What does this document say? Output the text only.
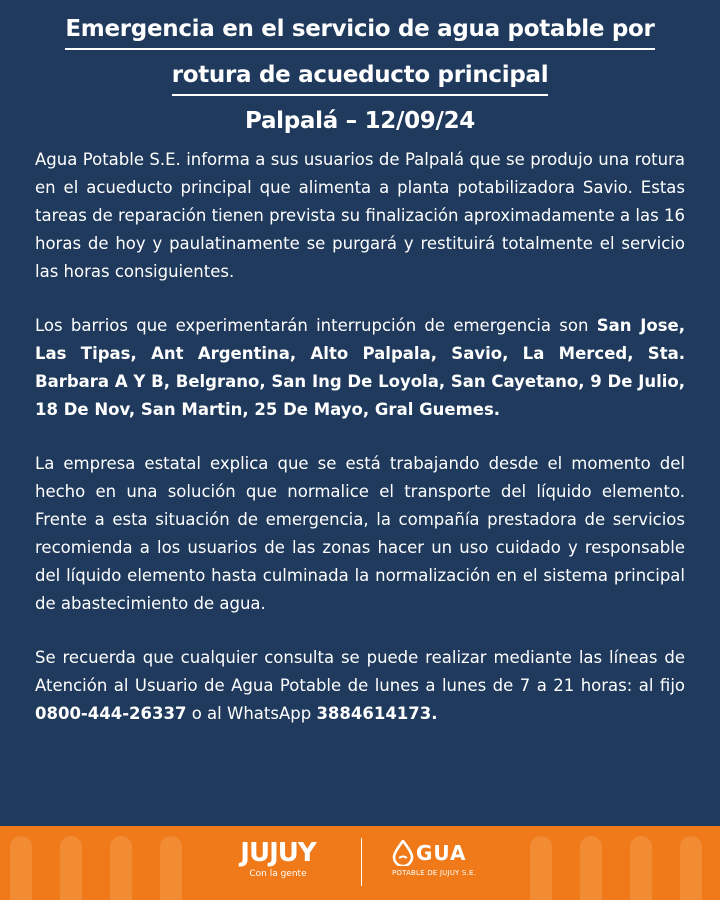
Emergencia en el servicio de agua potable por
rotura de acueducto principal
Palpalá – 12/09/24

Agua Potable S.E. informa a sus usuarios de Palpalá que se produjo una rotura en el acueducto principal que alimenta a planta potabilizadora Savio. Estas tareas de reparación tienen prevista su finalización aproximadamente a las 16 horas de hoy y paulatinamente se purgará y restituirá totalmente el servicio las horas consiguientes.

Los barrios que experimentarán interrupción de emergencia son San Jose, Las Tipas, Ant Argentina, Alto Palpala, Savio, La Merced, Sta. Barbara A Y B, Belgrano, San Ing De Loyola, San Cayetano, 9 De Julio, 18 De Nov, San Martin, 25 De Mayo, Gral Guemes.

La empresa estatal explica que se está trabajando desde el momento del hecho en una solución que normalice el transporte del líquido elemento. Frente a esta situación de emergencia, la compañía prestadora de servicios recomienda a los usuarios de las zonas hacer un uso cuidado y responsable del líquido elemento hasta culminada la normalización en el sistema principal de abastecimiento de agua.

Se recuerda que cualquier consulta se puede realizar mediante las líneas de Atención al Usuario de Agua Potable de lunes a lunes de 7 a 21 horas: al fijo 0800-444-26337 o al WhatsApp 3884614173.

JUJUY
Con la gente
GUA
POTABLE DE JUJUY S.E.
